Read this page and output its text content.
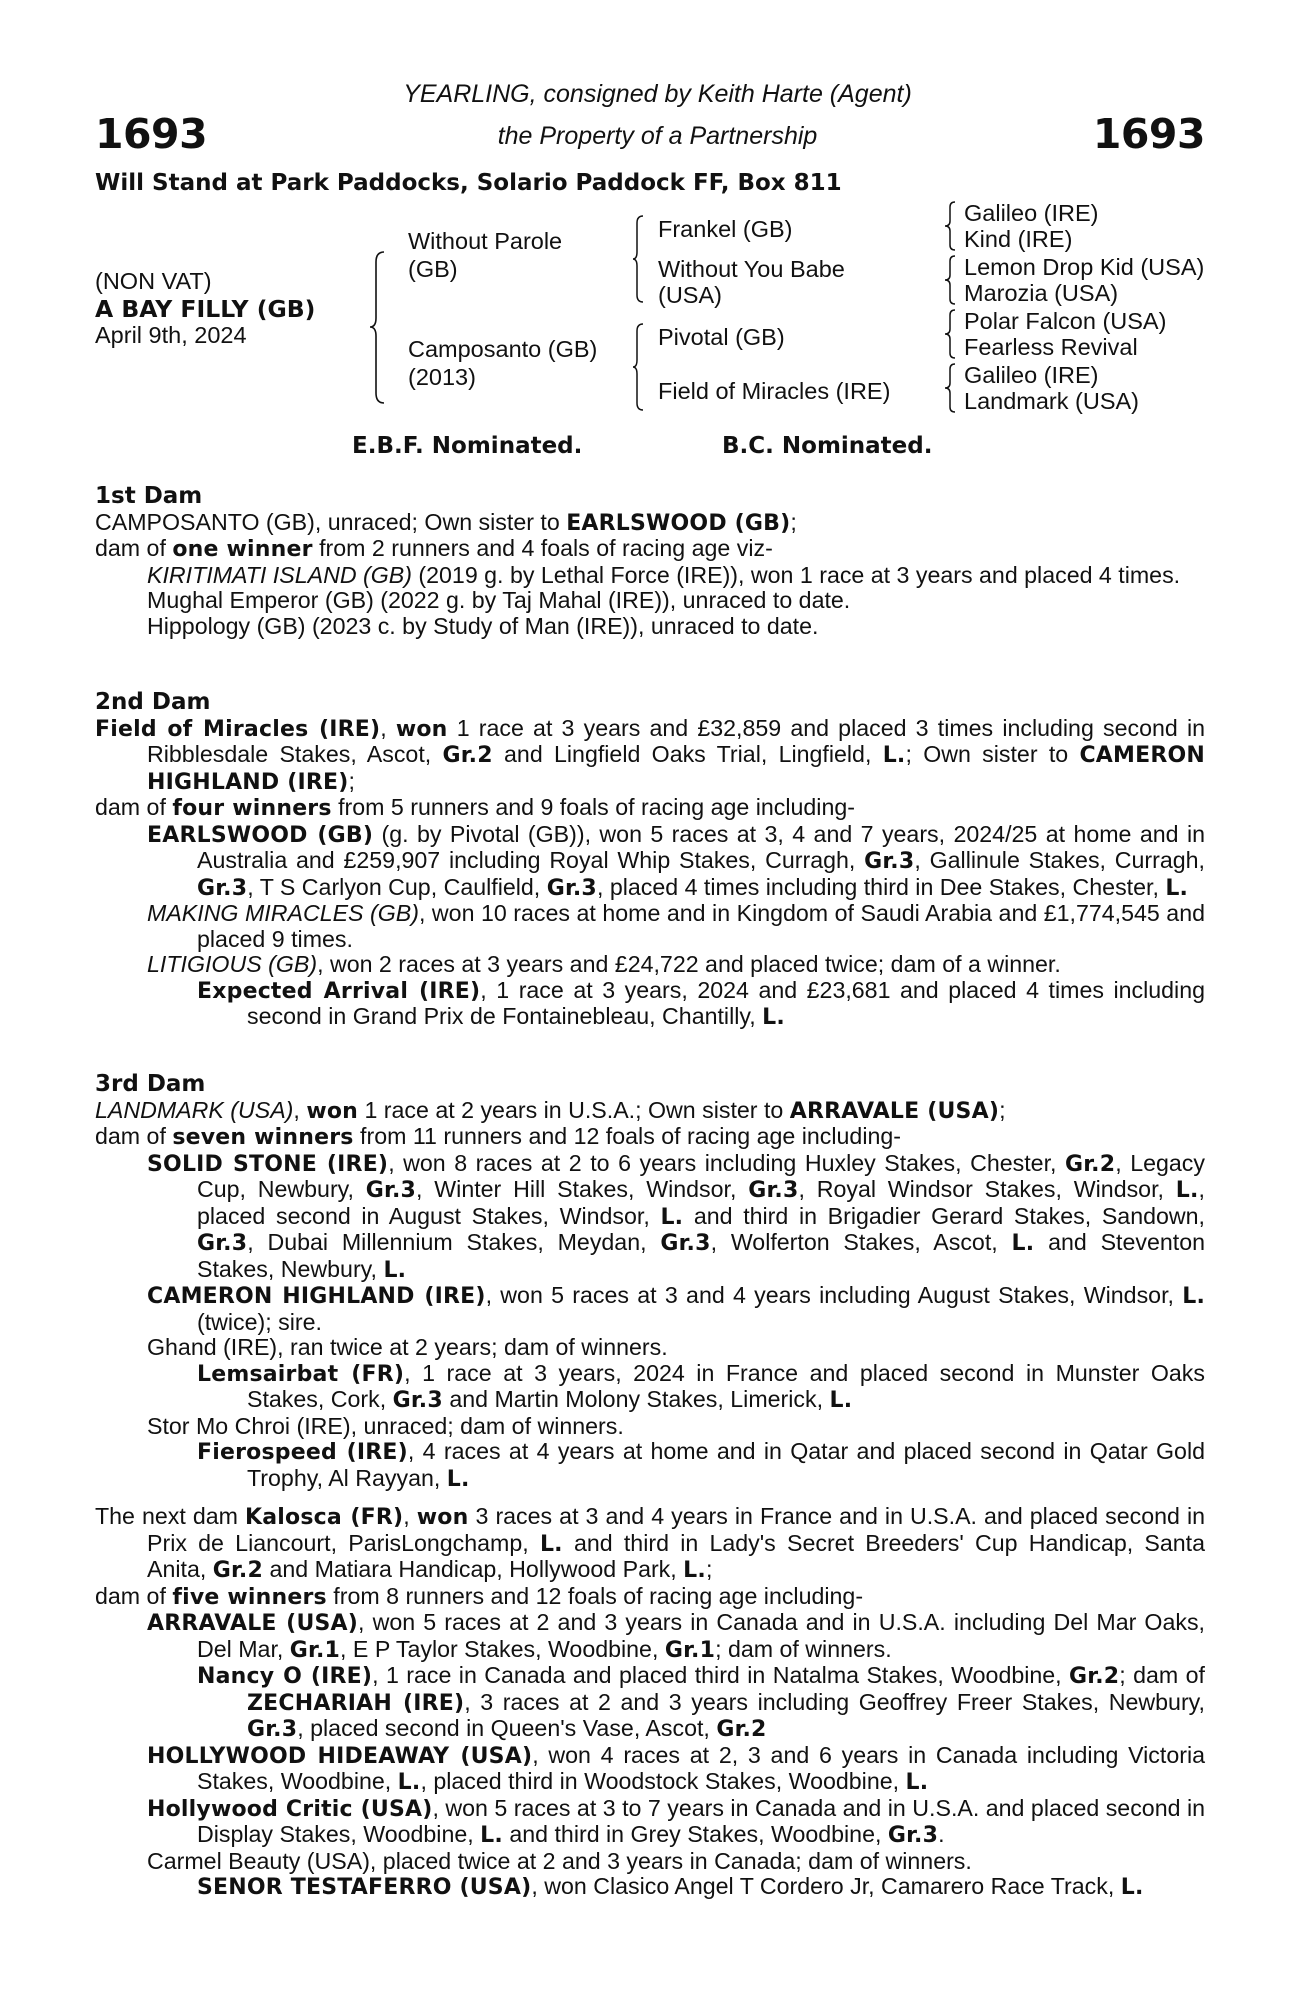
1693	1693
YEARLING, consigned by Keith Harte (Agent)
the Property of a Partnership
Will Stand at Park Paddocks, Solario Paddock FF, Box 811
(NON VAT)
A BAY FILLY (GB)
April 9th, 2024
Without Parole
(GB)
Camposanto (GB)
(2013)
Frankel (GB)
Without You Babe
(USA)
Pivotal (GB)
Field of Miracles (IRE)
Galileo (IRE)
Kind (IRE)
Lemon Drop Kid (USA)
Marozia (USA)
Polar Falcon (USA)
Fearless Revival
Galileo (IRE)
Landmark (USA)
E.B.F. Nominated.	B.C. Nominated.

1st Dam

CAMPOSANTO (GB), unraced; Own sister to EARLSWOOD (GB);

dam of one winner from 2 runners and 4 foals of racing age viz-

KIRITIMATI ISLAND (GB) (2019 g. by Lethal Force (IRE)), won 1 race at 3 years and placed 4 times.

Mughal Emperor (GB) (2022 g. by Taj Mahal (IRE)), unraced to date.

Hippology (GB) (2023 c. by Study of Man (IRE)), unraced to date.

2nd Dam

Field of Miracles (IRE), won 1 race at 3 years and £32,859 and placed 3 times including second in Ribblesdale Stakes, Ascot, Gr.2 and Lingfield Oaks Trial, Lingfield, L.; Own sister to CAMERON HIGHLAND (IRE);

dam of four winners from 5 runners and 9 foals of racing age including-

EARLSWOOD (GB) (g. by Pivotal (GB)), won 5 races at 3, 4 and 7 years, 2024/25 at home and in Australia and £259,907 including Royal Whip Stakes, Curragh, Gr.3, Gallinule Stakes, Curragh, Gr.3, T S Carlyon Cup, Caulfield, Gr.3, placed 4 times including third in Dee Stakes, Chester, L.

MAKING MIRACLES (GB), won 10 races at home and in Kingdom of Saudi Arabia and £1,774,545 and placed 9 times.

LITIGIOUS (GB), won 2 races at 3 years and £24,722 and placed twice; dam of a winner.

Expected Arrival (IRE), 1 race at 3 years, 2024 and £23,681 and placed 4 times including second in Grand Prix de Fontainebleau, Chantilly, L.

3rd Dam

LANDMARK (USA), won 1 race at 2 years in U.S.A.; Own sister to ARRAVALE (USA);

dam of seven winners from 11 runners and 12 foals of racing age including-

SOLID STONE (IRE), won 8 races at 2 to 6 years including Huxley Stakes, Chester, Gr.2, Legacy Cup, Newbury, Gr.3, Winter Hill Stakes, Windsor, Gr.3, Royal Windsor Stakes, Windsor, L., placed second in August Stakes, Windsor, L. and third in Brigadier Gerard Stakes, Sandown, Gr.3, Dubai Millennium Stakes, Meydan, Gr.3, Wolferton Stakes, Ascot, L. and Steventon Stakes, Newbury, L.

CAMERON HIGHLAND (IRE), won 5 races at 3 and 4 years including August Stakes, Windsor, L. (twice); sire.

Ghand (IRE), ran twice at 2 years; dam of winners.

Lemsairbat (FR), 1 race at 3 years, 2024 in France and placed second in Munster Oaks Stakes, Cork, Gr.3 and Martin Molony Stakes, Limerick, L.

Stor Mo Chroi (IRE), unraced; dam of winners.

Fierospeed (IRE), 4 races at 4 years at home and in Qatar and placed second in Qatar Gold Trophy, Al Rayyan, L.

The next dam Kalosca (FR), won 3 races at 3 and 4 years in France and in U.S.A. and placed second in Prix de Liancourt, ParisLongchamp, L. and third in Lady's Secret Breeders' Cup Handicap, Santa Anita, Gr.2 and Matiara Handicap, Hollywood Park, L.;

dam of five winners from 8 runners and 12 foals of racing age including-

ARRAVALE (USA), won 5 races at 2 and 3 years in Canada and in U.S.A. including Del Mar Oaks, Del Mar, Gr.1, E P Taylor Stakes, Woodbine, Gr.1; dam of winners.

Nancy O (IRE), 1 race in Canada and placed third in Natalma Stakes, Woodbine, Gr.2; dam of ZECHARIAH (IRE), 3 races at 2 and 3 years including Geoffrey Freer Stakes, Newbury, Gr.3, placed second in Queen's Vase, Ascot, Gr.2

HOLLYWOOD HIDEAWAY (USA), won 4 races at 2, 3 and 6 years in Canada including Victoria Stakes, Woodbine, L., placed third in Woodstock Stakes, Woodbine, L.

Hollywood Critic (USA), won 5 races at 3 to 7 years in Canada and in U.S.A. and placed second in Display Stakes, Woodbine, L. and third in Grey Stakes, Woodbine, Gr.3.

Carmel Beauty (USA), placed twice at 2 and 3 years in Canada; dam of winners.

SENOR TESTAFERRO (USA), won Clasico Angel T Cordero Jr, Camarero Race Track, L.
